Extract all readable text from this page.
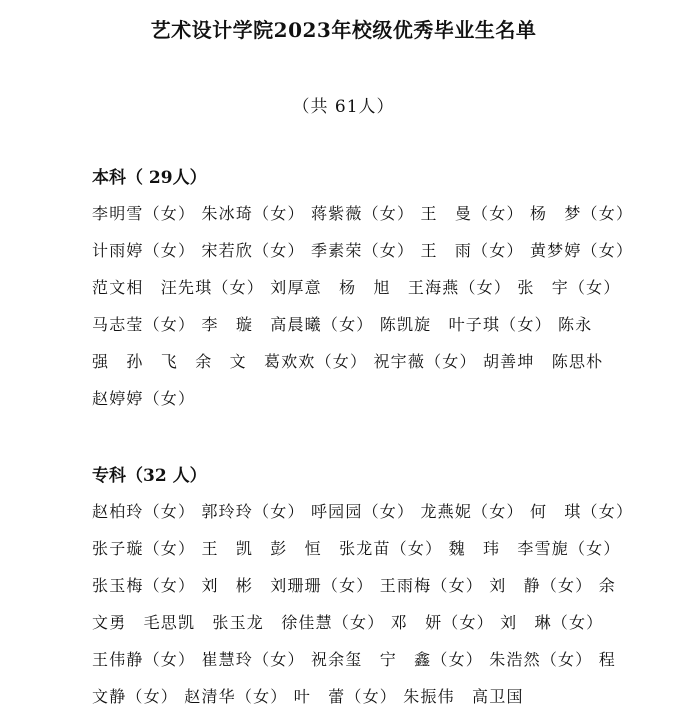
艺术设计学院2023年校级优秀毕业生名单
（共 61人）
本科（ 29人）
李明雪（女） 朱冰琦（女） 蒋紫薇（女） 王　曼（女） 杨　梦（女）
计雨婷（女） 宋若欣（女） 季素荣（女） 王　雨（女） 黄梦婷（女）
范文相　汪先琪（女） 刘厚意　杨　旭　王海燕（女） 张　宇（女）
马志莹（女） 李　璇　高晨曦（女） 陈凯旋　叶子琪（女） 陈永
强　孙　飞　余　文　葛欢欢（女） 祝宇薇（女） 胡善坤　陈思朴
赵婷婷（女）
专科（32 人）
赵柏玲（女） 郭玲玲（女） 呼园园（女） 龙燕妮（女） 何　琪（女）
张子璇（女） 王　凯　彭　恒　张龙苗（女） 魏　玮　李雪旎（女）
张玉梅（女） 刘　彬　刘珊珊（女） 王雨梅（女） 刘　静（女） 余
文勇　毛思凯　张玉龙　徐佳慧（女） 邓　妍（女） 刘　琳（女）
王伟静（女） 崔慧玲（女） 祝余玺　宁　鑫（女） 朱浩然（女） 程
文静（女） 赵清华（女） 叶　蕾（女） 朱振伟　高卫国
